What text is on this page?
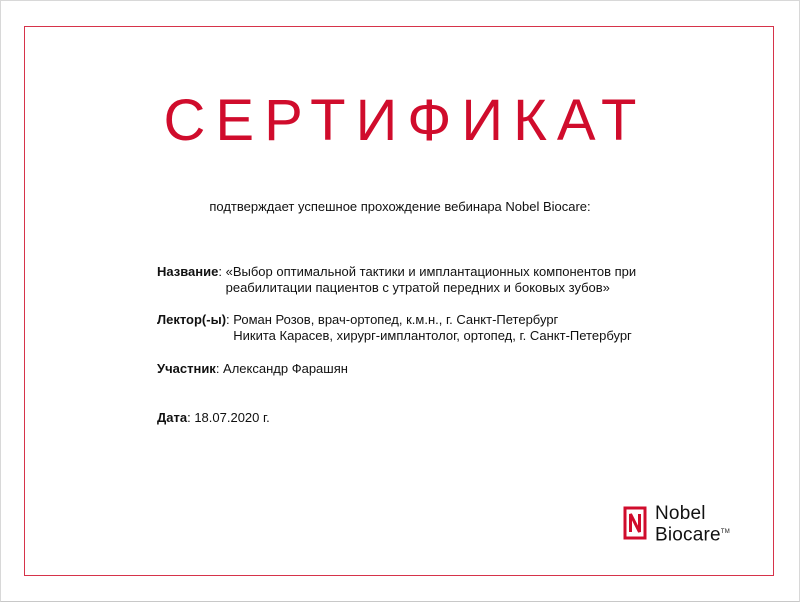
СЕРТИФИКАТ
подтверждает успешное прохождение вебинара Nobel Biocare:
Название: «Выбор оптимальной тактики и имплантационных компонентов при
реабилитации пациентов с утратой передних и боковых зубов»
Лектор(-ы): Роман Розов, врач-ортопед, к.м.н., г. Санкт-Петербург
Никита Карасев, хирург-имплантолог, ортопед, г. Санкт-Петербург
Участник: Александр Фарашян
Дата: 18.07.2020 г.
Nobel
Biocare™
